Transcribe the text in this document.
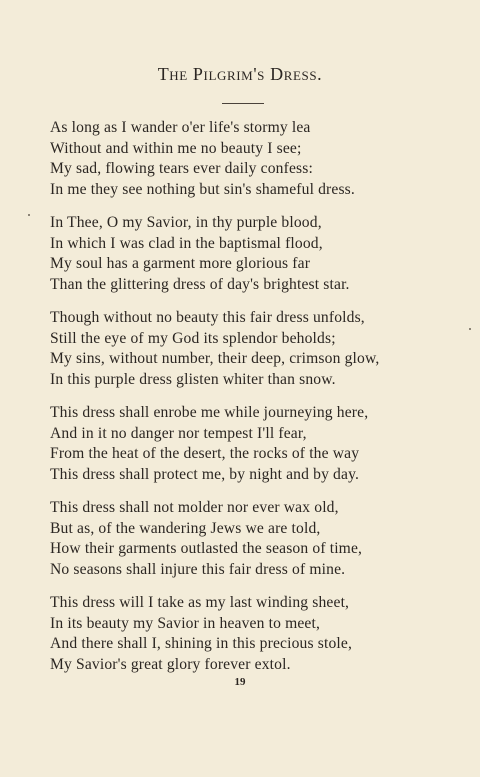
The Pilgrim's Dress.
As long as I wander o'er life's stormy lea
Without and within me no beauty I see;
My sad, flowing tears ever daily confess:
In me they see nothing but sin's shameful dress.
In Thee, O my Savior, in thy purple blood,
In which I was clad in the baptismal flood,
My soul has a garment more glorious far
Than the glittering dress of day's brightest star.
Though without no beauty this fair dress unfolds,
Still the eye of my God its splendor beholds;
My sins, without number, their deep, crimson glow,
In this purple dress glisten whiter than snow.
This dress shall enrobe me while journeying here,
And in it no danger nor tempest I'll fear,
From the heat of the desert, the rocks of the way
This dress shall protect me, by night and by day.
This dress shall not molder nor ever wax old,
But as, of the wandering Jews we are told,
How their garments outlasted the season of time,
No seasons shall injure this fair dress of mine.
This dress will I take as my last winding sheet,
In its beauty my Savior in heaven to meet,
And there shall I, shining in this precious stole,
My Savior's great glory forever extol.
19
